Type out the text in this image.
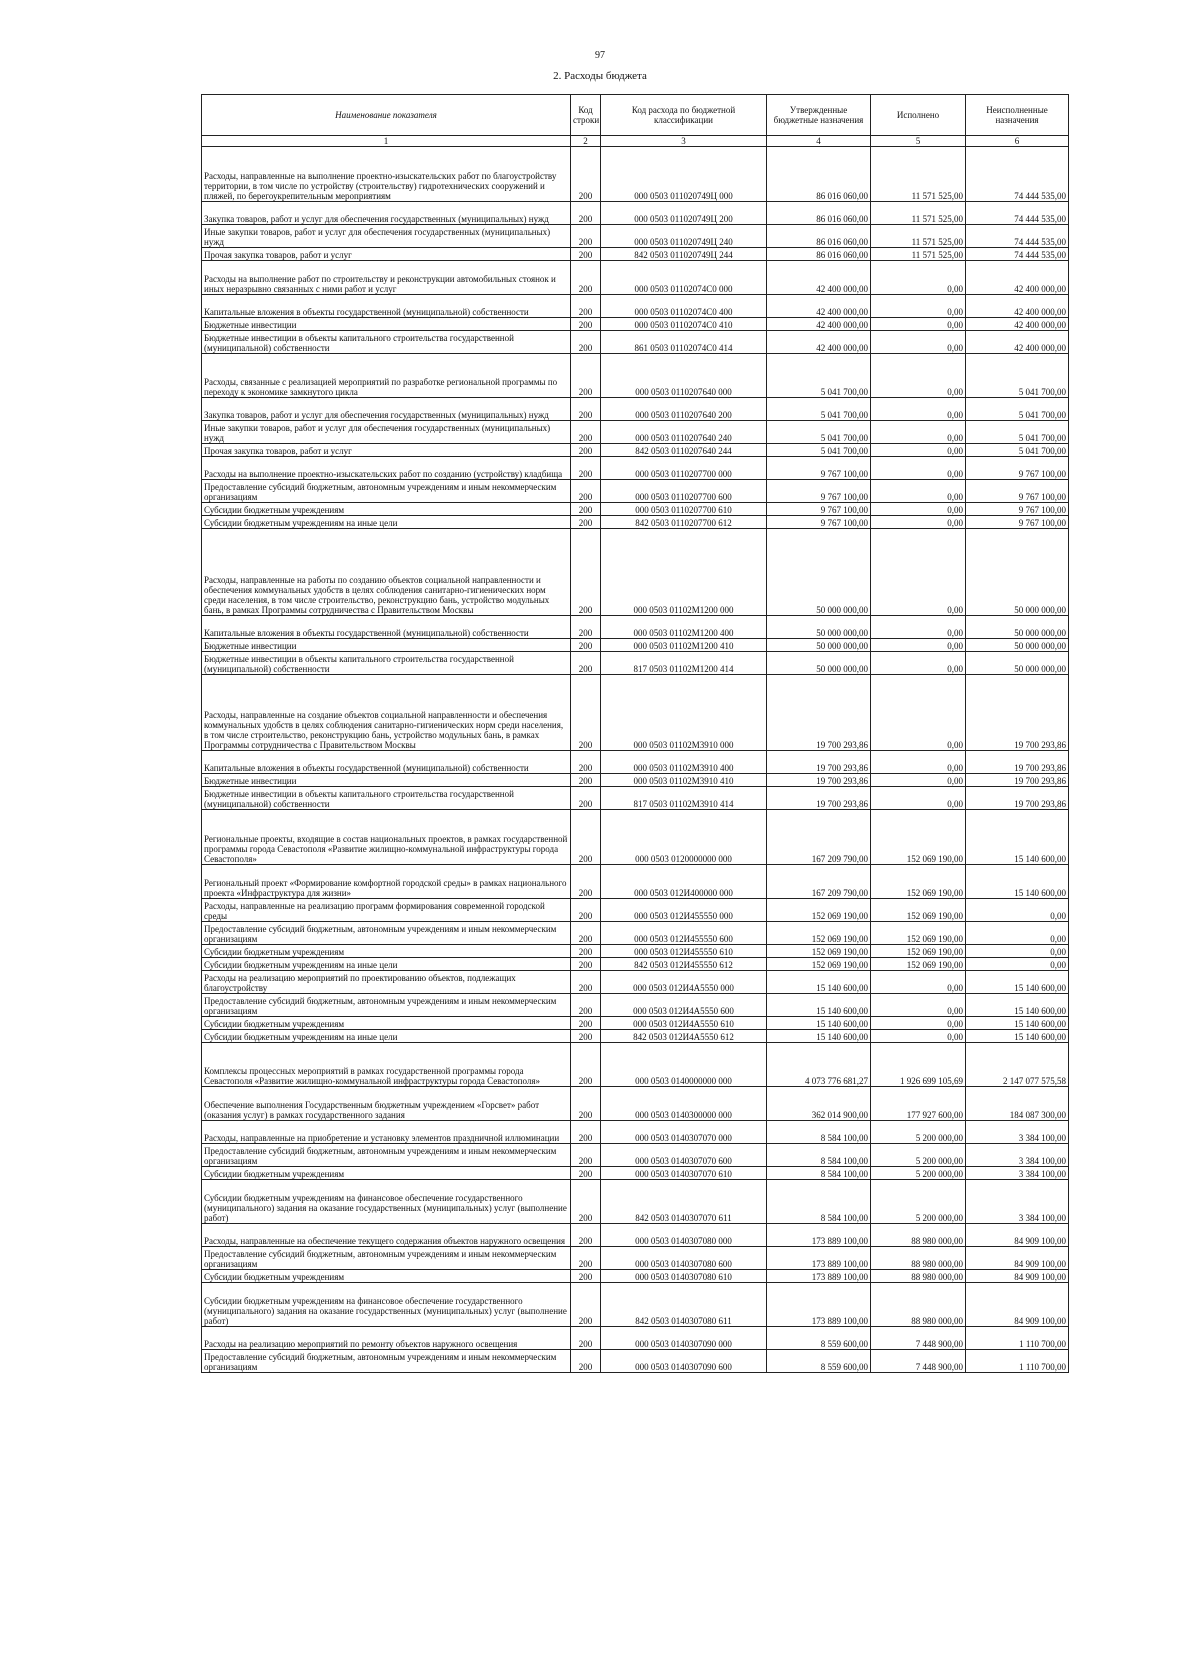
97
2. Расходы бюджета
Наименование показателя	Код строки	Код расхода по бюджетной классификации	Утвержденные бюджетные назначения	Исполнено	Неисполненные назначения
1	2	3	4	5	6
Расходы, направленные на выполнение проектно-изыскательских работ по благоустройству территории, в том числе по устройству (строительству) гидротехнических сооружений и пляжей, по берегоукрепительным мероприятиям	200	000 0503 011020749Ц 000	86 016 060,00	11 571 525,00	74 444 535,00
Закупка товаров, работ и услуг для обеспечения государственных (муниципальных) нужд	200	000 0503 011020749Ц 200	86 016 060,00	11 571 525,00	74 444 535,00
Иные закупки товаров, работ и услуг для обеспечения государственных (муниципальных) нужд	200	000 0503 011020749Ц 240	86 016 060,00	11 571 525,00	74 444 535,00
Прочая закупка товаров, работ и услуг	200	842 0503 011020749Ц 244	86 016 060,00	11 571 525,00	74 444 535,00
Расходы на выполнение работ по строительству и реконструкции автомобильных стоянок и иных неразрывно связанных с ними работ и услуг	200	000 0503 01102074С0 000	42 400 000,00	0,00	42 400 000,00
Капитальные вложения в объекты государственной (муниципальной) собственности	200	000 0503 01102074С0 400	42 400 000,00	0,00	42 400 000,00
Бюджетные инвестиции	200	000 0503 01102074С0 410	42 400 000,00	0,00	42 400 000,00
Бюджетные инвестиции в объекты капитального строительства государственной (муниципальной) собственности	200	861 0503 01102074С0 414	42 400 000,00	0,00	42 400 000,00
Расходы, связанные с реализацией мероприятий по разработке региональной программы по переходу к экономике замкнутого цикла	200	000 0503 0110207640 000	5 041 700,00	0,00	5 041 700,00
Закупка товаров, работ и услуг для обеспечения государственных (муниципальных) нужд	200	000 0503 0110207640 200	5 041 700,00	0,00	5 041 700,00
Иные закупки товаров, работ и услуг для обеспечения государственных (муниципальных) нужд	200	000 0503 0110207640 240	5 041 700,00	0,00	5 041 700,00
Прочая закупка товаров, работ и услуг	200	842 0503 0110207640 244	5 041 700,00	0,00	5 041 700,00
Расходы на выполнение проектно-изыскательских работ по созданию (устройству) кладбища	200	000 0503 0110207700 000	9 767 100,00	0,00	9 767 100,00
Предоставление субсидий бюджетным, автономным учреждениям и иным некоммерческим организациям	200	000 0503 0110207700 600	9 767 100,00	0,00	9 767 100,00
Субсидии бюджетным учреждениям	200	000 0503 0110207700 610	9 767 100,00	0,00	9 767 100,00
Субсидии бюджетным учреждениям на иные цели	200	842 0503 0110207700 612	9 767 100,00	0,00	9 767 100,00
Расходы, направленные на работы по созданию объектов социальной направленности и обеспечения коммунальных удобств в целях соблюдения санитарно-гигиенических норм среди населения, в том числе строительство, реконструкцию бань, устройство модульных бань, в рамках Программы сотрудничества с Правительством Москвы	200	000 0503 01102М1200 000	50 000 000,00	0,00	50 000 000,00
Капитальные вложения в объекты государственной (муниципальной) собственности	200	000 0503 01102М1200 400	50 000 000,00	0,00	50 000 000,00
Бюджетные инвестиции	200	000 0503 01102М1200 410	50 000 000,00	0,00	50 000 000,00
Бюджетные инвестиции в объекты капитального строительства государственной (муниципальной) собственности	200	817 0503 01102М1200 414	50 000 000,00	0,00	50 000 000,00
Расходы, направленные на создание объектов социальной направленности и обеспечения коммунальных удобств в целях соблюдения санитарно-гигиенических норм среди населения, в том числе строительство, реконструкцию бань, устройство модульных бань, в рамках Программы сотрудничества с Правительством Москвы	200	000 0503 01102М3910 000	19 700 293,86	0,00	19 700 293,86
Капитальные вложения в объекты государственной (муниципальной) собственности	200	000 0503 01102М3910 400	19 700 293,86	0,00	19 700 293,86
Бюджетные инвестиции	200	000 0503 01102М3910 410	19 700 293,86	0,00	19 700 293,86
Бюджетные инвестиции в объекты капитального строительства государственной (муниципальной) собственности	200	817 0503 01102М3910 414	19 700 293,86	0,00	19 700 293,86
Региональные проекты, входящие в состав национальных проектов, в рамках государственной программы города Севастополя «Развитие жилищно-коммунальной инфраструктуры города Севастополя»	200	000 0503 0120000000 000	167 209 790,00	152 069 190,00	15 140 600,00
Региональный проект «Формирование комфортной городской среды» в рамках национального проекта «Инфраструктура для жизни»	200	000 0503 012И400000 000	167 209 790,00	152 069 190,00	15 140 600,00
Расходы, направленные на реализацию программ формирования современной городской среды	200	000 0503 012И455550 000	152 069 190,00	152 069 190,00	0,00
Предоставление субсидий бюджетным, автономным учреждениям и иным некоммерческим организациям	200	000 0503 012И455550 600	152 069 190,00	152 069 190,00	0,00
Субсидии бюджетным учреждениям	200	000 0503 012И455550 610	152 069 190,00	152 069 190,00	0,00
Субсидии бюджетным учреждениям на иные цели	200	842 0503 012И455550 612	152 069 190,00	152 069 190,00	0,00
Расходы на реализацию мероприятий по проектированию объектов, подлежащих благоустройству	200	000 0503 012И4А5550 000	15 140 600,00	0,00	15 140 600,00
Предоставление субсидий бюджетным, автономным учреждениям и иным некоммерческим организациям	200	000 0503 012И4А5550 600	15 140 600,00	0,00	15 140 600,00
Субсидии бюджетным учреждениям	200	000 0503 012И4А5550 610	15 140 600,00	0,00	15 140 600,00
Субсидии бюджетным учреждениям на иные цели	200	842 0503 012И4А5550 612	15 140 600,00	0,00	15 140 600,00
Комплексы процессных мероприятий в рамках государственной программы города Севастополя «Развитие жилищно-коммунальной инфраструктуры города Севастополя»	200	000 0503 0140000000 000	4 073 776 681,27	1 926 699 105,69	2 147 077 575,58
Обеспечение выполнения Государственным бюджетным учреждением «Горсвет» работ (оказания услуг) в рамках государственного задания	200	000 0503 0140300000 000	362 014 900,00	177 927 600,00	184 087 300,00
Расходы, направленные на приобретение и установку элементов праздничной иллюминации	200	000 0503 0140307070 000	8 584 100,00	5 200 000,00	3 384 100,00
Предоставление субсидий бюджетным, автономным учреждениям и иным некоммерческим организациям	200	000 0503 0140307070 600	8 584 100,00	5 200 000,00	3 384 100,00
Субсидии бюджетным учреждениям	200	000 0503 0140307070 610	8 584 100,00	5 200 000,00	3 384 100,00
Субсидии бюджетным учреждениям на финансовое обеспечение государственного (муниципального) задания на оказание государственных (муниципальных) услуг (выполнение работ)	200	842 0503 0140307070 611	8 584 100,00	5 200 000,00	3 384 100,00
Расходы, направленные на обеспечение текущего содержания объектов наружного освещения	200	000 0503 0140307080 000	173 889 100,00	88 980 000,00	84 909 100,00
Предоставление субсидий бюджетным, автономным учреждениям и иным некоммерческим организациям	200	000 0503 0140307080 600	173 889 100,00	88 980 000,00	84 909 100,00
Субсидии бюджетным учреждениям	200	000 0503 0140307080 610	173 889 100,00	88 980 000,00	84 909 100,00
Субсидии бюджетным учреждениям на финансовое обеспечение государственного (муниципального) задания на оказание государственных (муниципальных) услуг (выполнение работ)	200	842 0503 0140307080 611	173 889 100,00	88 980 000,00	84 909 100,00
Расходы на реализацию мероприятий по ремонту объектов наружного освещения	200	000 0503 0140307090 000	8 559 600,00	7 448 900,00	1 110 700,00
Предоставление субсидий бюджетным, автономным учреждениям и иным некоммерческим организациям	200	000 0503 0140307090 600	8 559 600,00	7 448 900,00	1 110 700,00
